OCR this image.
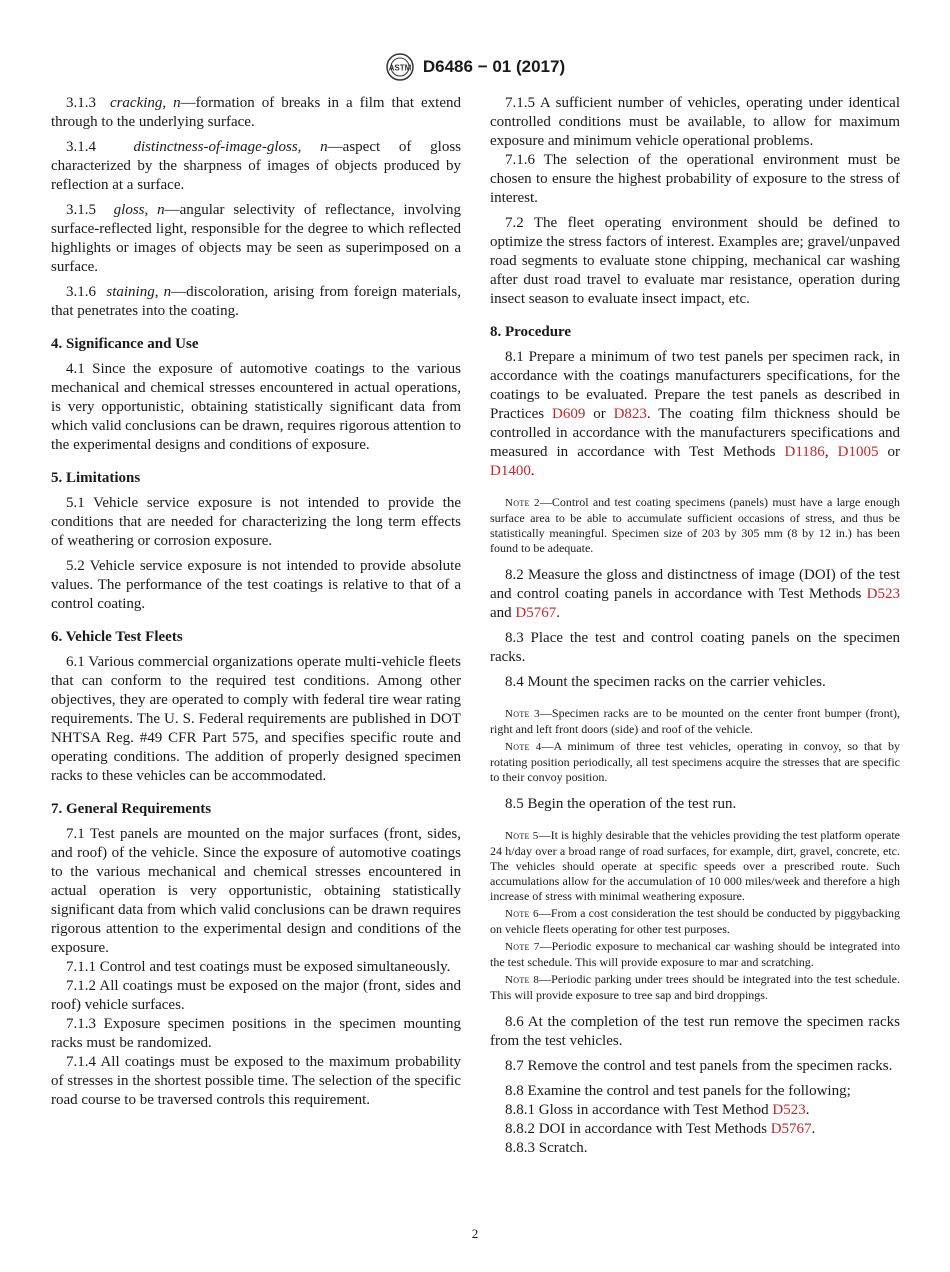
ASTM D6486 − 01 (2017)

3.1.3 cracking, n—formation of breaks in a film that extend through to the underlying surface.

3.1.4	distinctness-of-image-gloss, n—aspect of gloss characterized by the sharpness of images of objects produced by reflection at a surface.

3.1.5 gloss, n—angular selectivity of reflectance, involving surface-reflected light, responsible for the degree to which reflected highlights or images of objects may be seen as superimposed on a surface.

3.1.6 staining, n—discoloration, arising from foreign materials, that penetrates into the coating.

4. Significance and Use

4.1 Since the exposure of automotive coatings to the various mechanical and chemical stresses encountered in actual operations, is very opportunistic, obtaining statistically significant data from which valid conclusions can be drawn, requires rigorous attention to the experimental designs and conditions of exposure.

5. Limitations

5.1 Vehicle service exposure is not intended to provide the conditions that are needed for characterizing the long term effects of weathering or corrosion exposure.

5.2 Vehicle service exposure is not intended to provide absolute values. The performance of the test coatings is relative to that of a control coating.

6. Vehicle Test Fleets

6.1 Various commercial organizations operate multi-vehicle fleets that can conform to the required test conditions. Among other objectives, they are operated to comply with federal tire wear rating requirements. The U. S. Federal requirements are published in DOT NHTSA Reg. #49 CFR Part 575, and specifies specific route and operating conditions. The addition of properly designed specimen racks to these vehicles can be accommodated.

7. General Requirements

7.1 Test panels are mounted on the major surfaces (front, sides, and roof) of the vehicle. Since the exposure of automotive coatings to the various mechanical and chemical stresses encountered in actual operation is very opportunistic, obtaining statistically significant data from which valid conclusions can be drawn requires rigorous attention to the experimental design and conditions of the exposure.

7.1.1 Control and test coatings must be exposed simultaneously.

7.1.2 All coatings must be exposed on the major (front, sides and roof) vehicle surfaces.

7.1.3 Exposure specimen positions in the specimen mounting racks must be randomized.

7.1.4 All coatings must be exposed to the maximum probability of stresses in the shortest possible time. The selection of the specific road course to be traversed controls this requirement.

7.1.5 A sufficient number of vehicles, operating under identical controlled conditions must be available, to allow for maximum exposure and minimum vehicle operational problems.

7.1.6 The selection of the operational environment must be chosen to ensure the highest probability of exposure to the stress of interest.

7.2 The fleet operating environment should be defined to optimize the stress factors of interest. Examples are; gravel/unpaved road segments to evaluate stone chipping, mechanical car washing after dust road travel to evaluate mar resistance, operation during insect season to evaluate insect impact, etc.

8. Procedure

8.1 Prepare a minimum of two test panels per specimen rack, in accordance with the coatings manufacturers specifications, for the coatings to be evaluated. Prepare the test panels as described in Practices D609 or D823. The coating film thickness should be controlled in accordance with the manufacturers specifications and measured in accordance with Test Methods D1186, D1005 or D1400.

Note 2—Control and test coating specimens (panels) must have a large enough surface area to be able to accumulate sufficient occasions of stress, and thus be statistically meaningful. Specimen size of 203 by 305 mm (8 by 12 in.) has been found to be adequate.

8.2 Measure the gloss and distinctness of image (DOI) of the test and control coating panels in accordance with Test Methods D523 and D5767.

8.3 Place the test and control coating panels on the specimen racks.

8.4 Mount the specimen racks on the carrier vehicles.

Note 3—Specimen racks are to be mounted on the center front bumper (front), right and left front doors (side) and roof of the vehicle.

Note 4—A minimum of three test vehicles, operating in convoy, so that by rotating position periodically, all test specimens acquire the stresses that are specific to their convoy position.

8.5 Begin the operation of the test run.

Note 5—It is highly desirable that the vehicles providing the test platform operate 24 h/day over a broad range of road surfaces, for example, dirt, gravel, concrete, etc. The vehicles should operate at specific speeds over a prescribed route. Such accumulations allow for the accumulation of 10 000 miles/week and therefore a high increase of stress with minimal weathering exposure.

Note 6—From a cost consideration the test should be conducted by piggybacking on vehicle fleets operating for other test purposes.

Note 7—Periodic exposure to mechanical car washing should be integrated into the test schedule. This will provide exposure to mar and scratching.

Note 8—Periodic parking under trees should be integrated into the test schedule. This will provide exposure to tree sap and bird droppings.

8.6 At the completion of the test run remove the specimen racks from the test vehicles.

8.7 Remove the control and test panels from the specimen racks.

8.8 Examine the control and test panels for the following;

8.8.1 Gloss in accordance with Test Method D523.

8.8.2 DOI in accordance with Test Methods D5767.

8.8.3 Scratch.

2
